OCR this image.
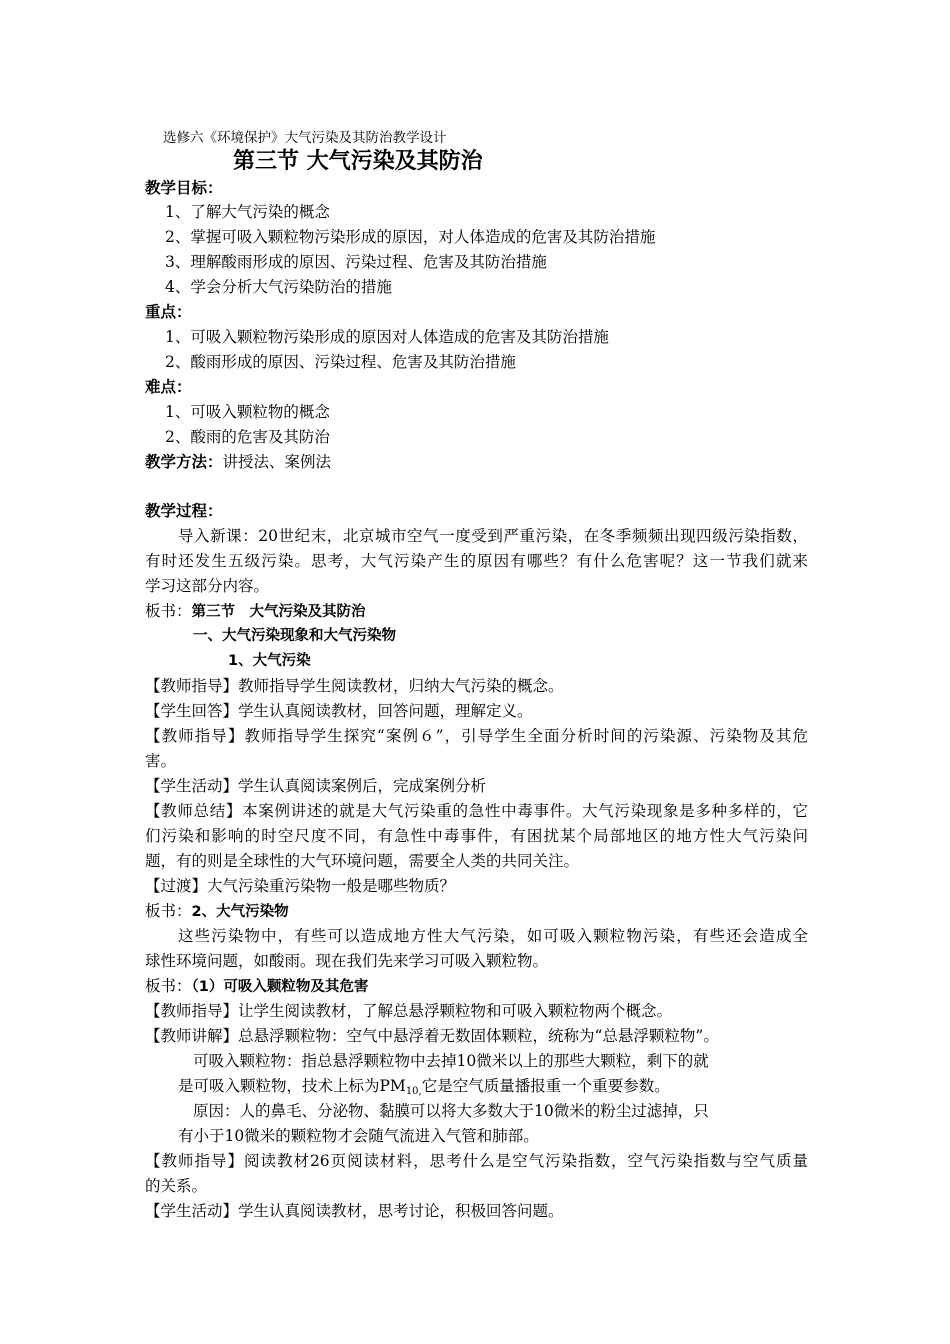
选修六《环境保护》大气污染及其防治教学设计
第三节 大气污染及其防治
教学目标：
1、了解大气污染的概念
2、掌握可吸入颗粒物污染形成的原因，对人体造成的危害及其防治措施
3、理解酸雨形成的原因、污染过程、危害及其防治措施
4、学会分析大气污染防治的措施
重点：
1、可吸入颗粒物污染形成的原因对人体造成的危害及其防治措施
2、酸雨形成的原因、污染过程、危害及其防治措施
难点：
1、可吸入颗粒物的概念
2、酸雨的危害及其防治
教学方法：讲授法、案例法
教学过程：
导入新课：20世纪末，北京城市空气一度受到严重污染，在冬季频频出现四级污染指数，
有时还发生五级污染。思考，大气污染产生的原因有哪些？有什么危害呢？这一节我们就来
学习这部分内容。
板书：第三节　大气污染及其防治
一、大气污染现象和大气污染物
1、大气污染
【教师指导】教师指导学生阅读教材，归纳大气污染的概念。
【学生回答】学生认真阅读教材，回答问题，理解定义。
【教师指导】教师指导学生探究“案例６”，引导学生全面分析时间的污染源、污染物及其危
害。
【学生活动】学生认真阅读案例后，完成案例分析
【教师总结】本案例讲述的就是大气污染重的急性中毒事件。大气污染现象是多种多样的，它
们污染和影响的时空尺度不同，有急性中毒事件，有困扰某个局部地区的地方性大气污染问
题，有的则是全球性的大气环境问题，需要全人类的共同关注。
【过渡】大气污染重污染物一般是哪些物质？
板书：2、大气污染物
这些污染物中，有些可以造成地方性大气污染，如可吸入颗粒物污染，有些还会造成全
球性环境问题，如酸雨。现在我们先来学习可吸入颗粒物。
板书：（1）可吸入颗粒物及其危害
【教师指导】让学生阅读教材，了解总悬浮颗粒物和可吸入颗粒物两个概念。
【教师讲解】总悬浮颗粒物：空气中悬浮着无数固体颗粒，统称为“总悬浮颗粒物”。
可吸入颗粒物：指总悬浮颗粒物中去掉10微米以上的那些大颗粒，剩下的就
是可吸入颗粒物，技术上标为$PM_{10,}$它是空气质量播报重一个重要参数。
原因：人的鼻毛、分泌物、黏膜可以将大多数大于10微米的粉尘过滤掉，只
有小于10微米的颗粒物才会随气流进入气管和肺部。
【教师指导】阅读教材26页阅读材料，思考什么是空气污染指数，空气污染指数与空气质量
的关系。
【学生活动】学生认真阅读教材，思考讨论，积极回答问题。
